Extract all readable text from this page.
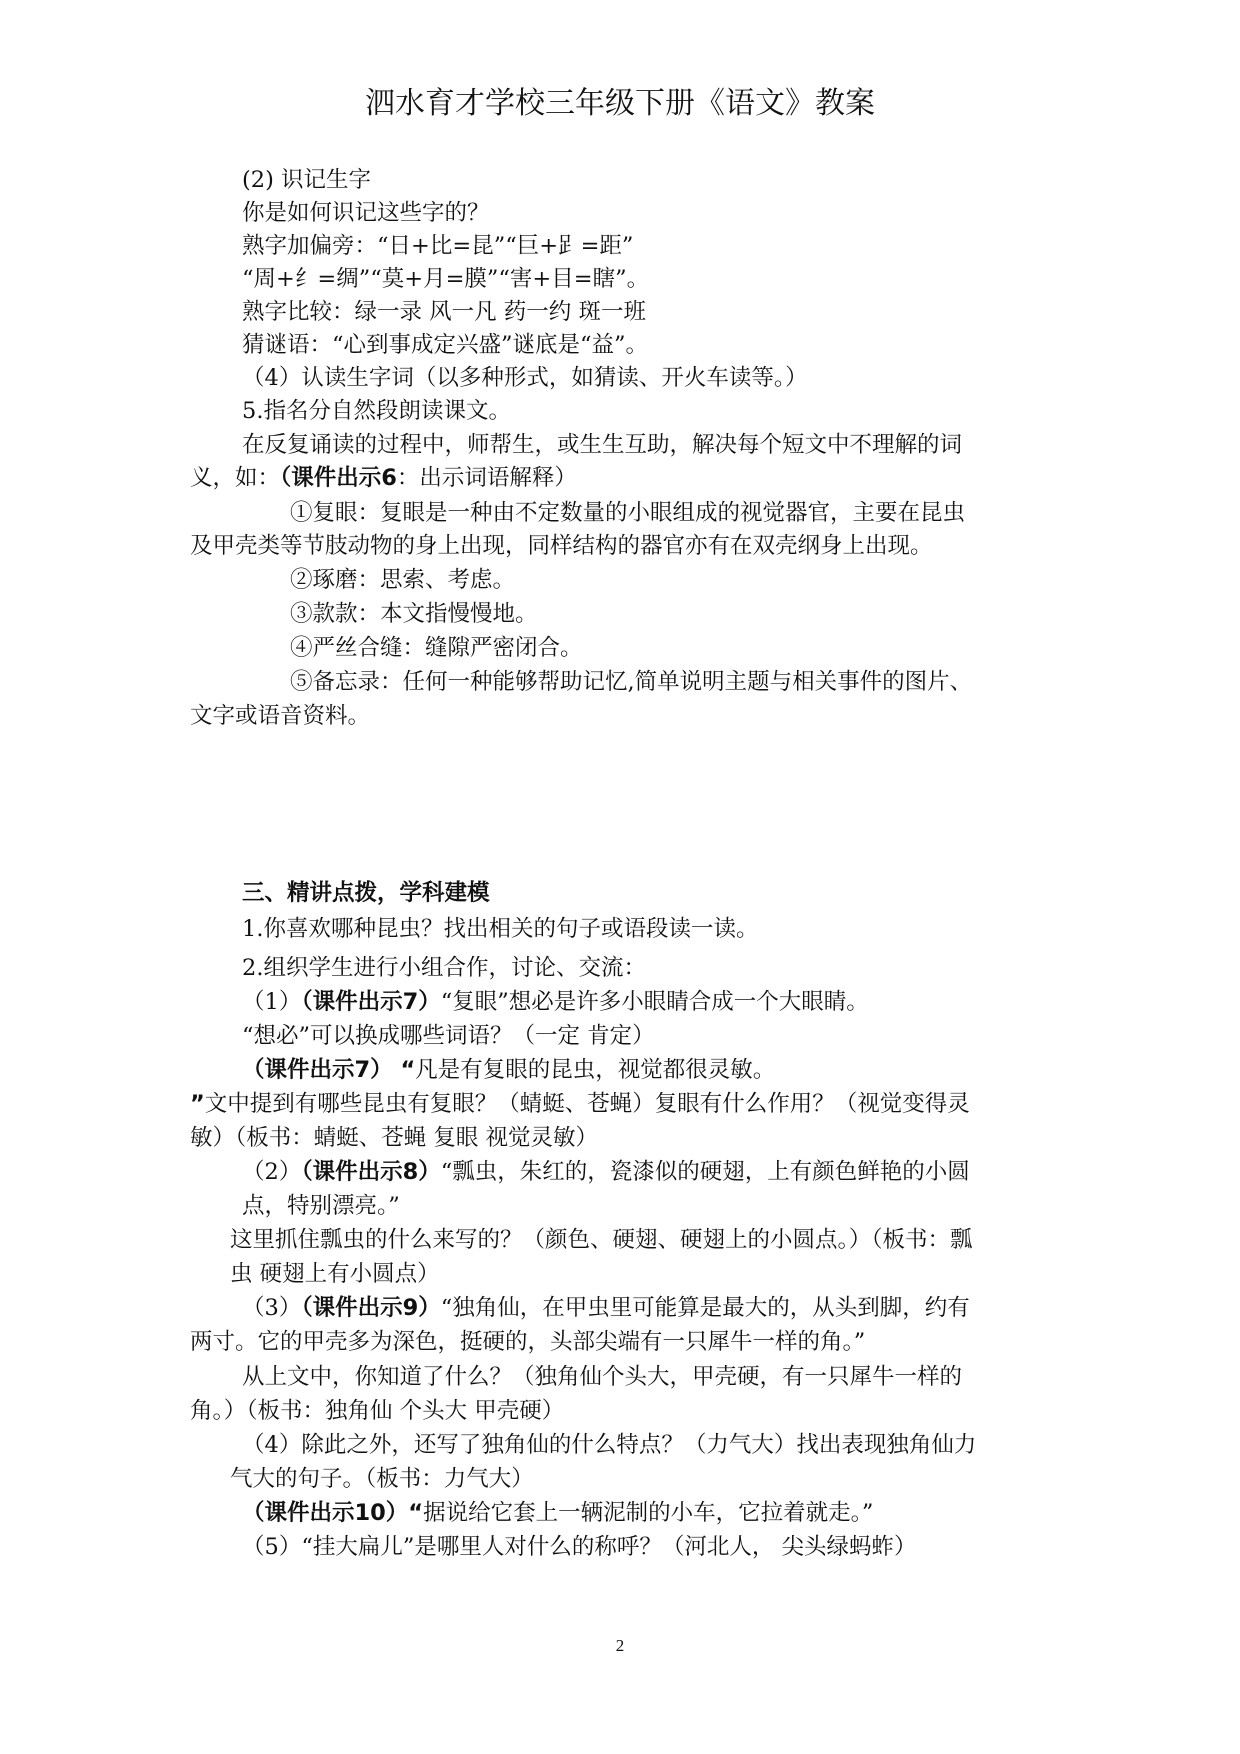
泗水育才学校三年级下册《语文》教案
(2) 识记生字
你是如何识记这些字的？
熟字加偏旁：“日+比=昆”“巨+𧾷=距”
“周+纟=绸”“莫+月=膜”“害+目=瞎”。
熟字比较：绿一录 风一凡 药一约 斑一班
猜谜语：“心到事成定兴盛”谜底是“益”。
（4）认读生字词（以多种形式，如猜读、开火车读等。）
5.指名分自然段朗读课文。
在反复诵读的过程中，师帮生，或生生互助，解决每个短文中不理解的词
义，如：（课件出示6：出示词语解释）
①复眼：复眼是一种由不定数量的小眼组成的视觉器官，主要在昆虫
及甲壳类等节肢动物的身上出现，同样结构的器官亦有在双壳纲身上出现。
②琢磨：思索、考虑。
③款款：本文指慢慢地。
④严丝合缝：缝隙严密闭合。
⑤备忘录：任何一种能够帮助记忆,简单说明主题与相关事件的图片、
文字或语音资料。
三、精讲点拨，学科建模
1.你喜欢哪种昆虫？找出相关的句子或语段读一读。
2.组织学生进行小组合作，讨论、交流：
（1）（课件出示7）“复眼”想必是许多小眼睛合成一个大眼睛。
“想必”可以换成哪些词语？（一定 肯定）
（课件出示7） “凡是有复眼的昆虫，视觉都很灵敏。
”文中提到有哪些昆虫有复眼？（蜻蜓、苍蝇）复眼有什么作用？（视觉变得灵
敏）（板书：蜻蜓、苍蝇 复眼 视觉灵敏）
（2）（课件出示8）“瓢虫，朱红的，瓷漆似的硬翅，上有颜色鲜艳的小圆
点，特别漂亮。”
这里抓住瓢虫的什么来写的？（颜色、硬翅、硬翅上的小圆点。）（板书：瓢
虫 硬翅上有小圆点）
（3）（课件出示9）“独角仙，在甲虫里可能算是最大的，从头到脚，约有
两寸。它的甲壳多为深色，挺硬的，头部尖端有一只犀牛一样的角。”
从上文中，你知道了什么？（独角仙个头大，甲壳硬，有一只犀牛一样的
角。）（板书：独角仙 个头大 甲壳硬）
（4）除此之外，还写了独角仙的什么特点？（力气大）找出表现独角仙力
气大的句子。（板书：力气大）
（课件出示10）“据说给它套上一辆泥制的小车，它拉着就走。”
（5）“挂大扁儿”是哪里人对什么的称呼？（河北人， 尖头绿蚂蚱）
2
